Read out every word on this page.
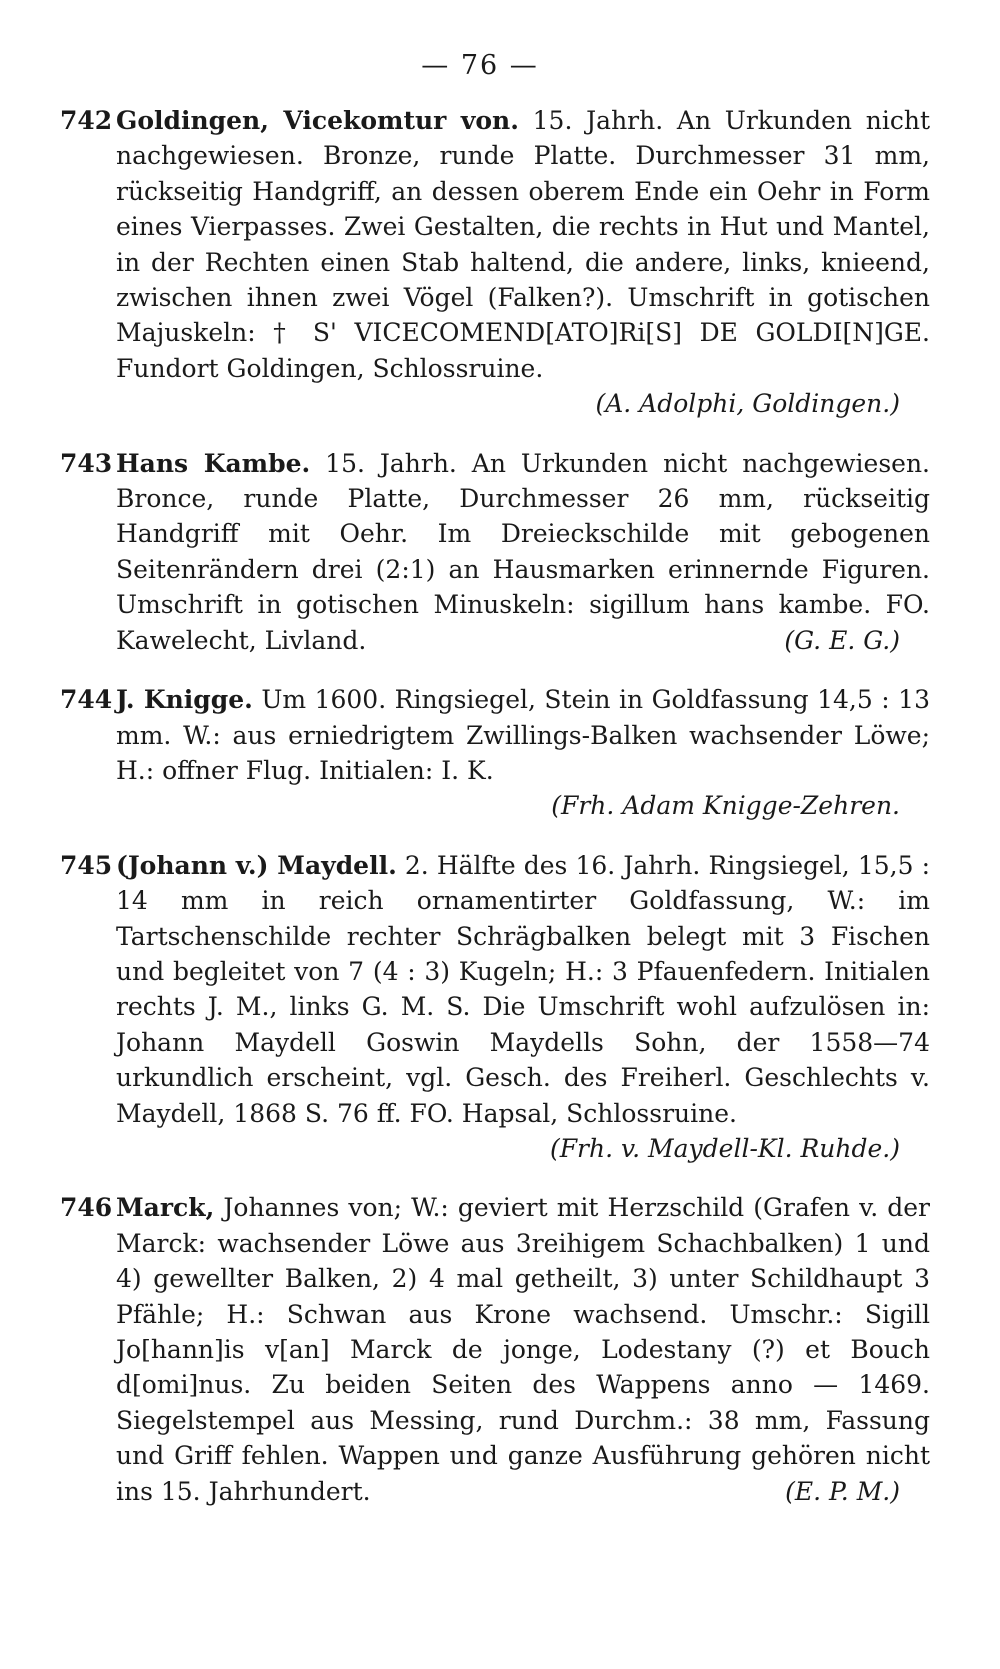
— 76 —
742 Goldingen, Vicekomtur von. 15. Jahrh. An Urkunden nicht nachgewiesen. Bronze, runde Platte. Durchmesser 31 mm, rückseitig Handgriff, an dessen oberem Ende ein Oehr in Form eines Vierpasses. Zwei Gestalten, die rechts in Hut und Mantel, in der Rechten einen Stab haltend, die andere, links, knieend, zwischen ihnen zwei Vögel (Falken?). Umschrift in gotischen Majuskeln: † S' VICECOMEND[ATO]Ri[S] DE GOLDI[N]GE. Fundort Goldingen, Schlossruine.
(A. Adolphi, Goldingen.)
743 Hans Kambe. 15. Jahrh. An Urkunden nicht nachgewiesen. Bronce, runde Platte, Durchmesser 26 mm, rückseitig Handgriff mit Oehr. Im Dreieckschilde mit gebogenen Seitenrändern drei (2:1) an Hausmarken erinnernde Figuren. Umschrift in gotischen Minuskeln: sigillum hans kambe. FO. Kawelecht, Livland.	(G. E. G.)
744 J. Knigge. Um 1600. Ringsiegel, Stein in Goldfassung 14,5 : 13 mm. W.: aus erniedrigtem Zwillings-Balken wachsender Löwe; H.: offner Flug. Initialen: I. K.
(Frh. Adam Knigge-Zehren.
745 (Johann v.) Maydell. 2. Hälfte des 16. Jahrh. Ringsiegel, 15,5 : 14 mm in reich ornamentirter Goldfassung, W.: im Tartschenschilde rechter Schrägbalken belegt mit 3 Fischen und begleitet von 7 (4 : 3) Kugeln; H.: 3 Pfauenfedern. Initialen rechts J. M., links G. M. S. Die Umschrift wohl aufzulösen in: Johann Maydell Goswin Maydells Sohn, der 1558—74 urkundlich erscheint, vgl. Gesch. des Freiherl. Geschlechts v. Maydell, 1868 S. 76 ff. FO. Hapsal, Schlossruine.
(Frh. v. Maydell-Kl. Ruhde.)
746 Marck, Johannes von; W.: geviert mit Herzschild (Grafen v. der Marck: wachsender Löwe aus 3reihigem Schachbalken) 1 und 4) gewellter Balken, 2) 4 mal getheilt, 3) unter Schildhaupt 3 Pfähle; H.: Schwan aus Krone wachsend. Umschr.: Sigill Jo[hann]is v[an] Marck de jonge, Lodestany (?) et Bouch d[omi]nus. Zu beiden Seiten des Wappens anno — 1469. Siegelstempel aus Messing, rund Durchm.: 38 mm, Fassung und Griff fehlen. Wappen und ganze Ausführung gehören nicht ins 15. Jahrhundert.	(E. P. M.)
